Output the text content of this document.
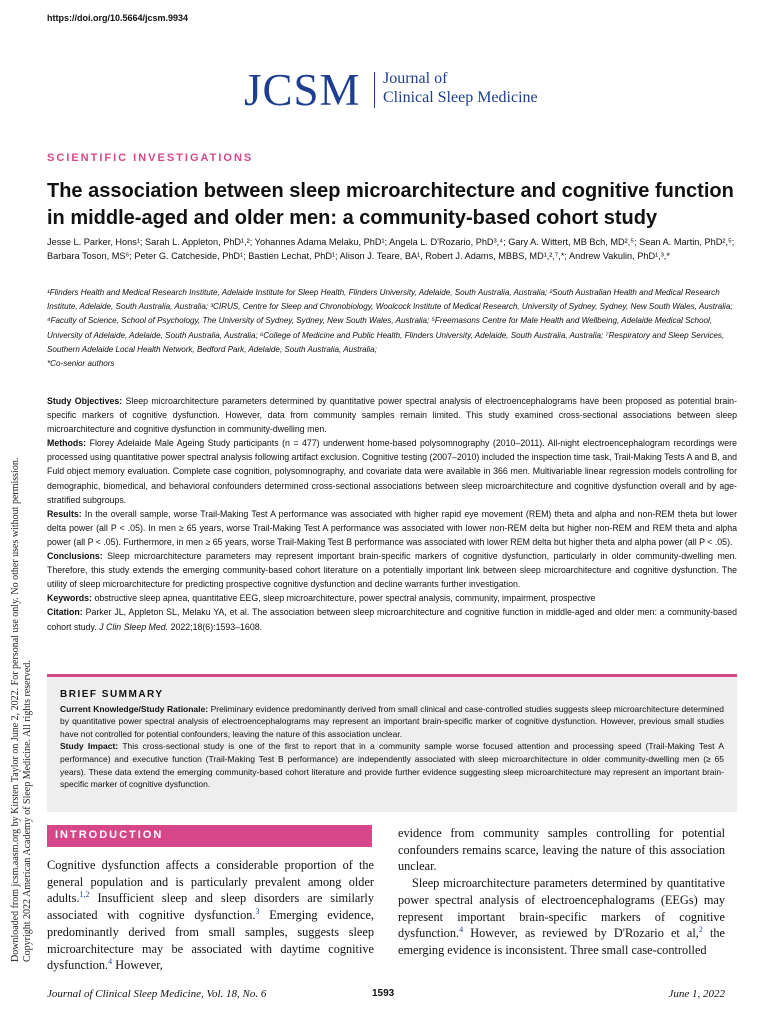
https://doi.org/10.5664/jcsm.9934
JCSM Journal of
Clinical Sleep Medicine
SCIENTIFIC INVESTIGATIONS
The association between sleep microarchitecture and cognitive function in middle-aged and older men: a community-based cohort study
Jesse L. Parker, Hons¹; Sarah L. Appleton, PhD¹,²; Yohannes Adama Melaku, PhD¹; Angela L. D'Rozario, PhD³,⁴; Gary A. Wittert, MB Bch, MD²,⁵; Sean A. Martin, PhD²,⁵; Barbara Toson, MS⁶; Peter G. Catcheside, PhD¹; Bastien Lechat, PhD¹; Alison J. Teare, BA¹, Robert J. Adams, MBBS, MD¹,²,⁷,*; Andrew Vakulin, PhD¹,³,*
¹Flinders Health and Medical Research Institute, Adelaide Institute for Sleep Health, Flinders University, Adelaide, South Australia, Australia; ²South Australian Health and Medical Research Institute, Adelaide, South Australia, Australia; ³CIRUS, Centre for Sleep and Chronobiology, Woolcock Institute of Medical Research, University of Sydney, Sydney, New South Wales, Australia; ⁴Faculty of Science, School of Psychology, The University of Sydney, Sydney, New South Wales, Australia; ⁵Freemasons Centre for Male Health and Wellbeing, Adelaide Medical School, University of Adelaide, Adelaide, South Australia, Australia; ⁶College of Medicine and Public Health, Flinders University, Adelaide, South Australia, Australia; ⁷Respiratory and Sleep Services, Southern Adelaide Local Health Network, Bedford Park, Adelaide, South Australia, Australia;
*Co-senior authors

Study Objectives: Sleep microarchitecture parameters determined by quantitative power spectral analysis of electroencephalograms have been proposed as potential brain-specific markers of cognitive dysfunction. However, data from community samples remain limited. This study examined cross-sectional associations between sleep microarchitecture and cognitive dysfunction in community-dwelling men.

Methods: Florey Adelaide Male Ageing Study participants (n = 477) underwent home-based polysomnography (2010–2011). All-night electroencephalogram recordings were processed using quantitative power spectral analysis following artifact exclusion. Cognitive testing (2007–2010) included the inspection time task, Trail-Making Tests A and B, and Fuld object memory evaluation. Complete case cognition, polysomnography, and covariate data were available in 366 men. Multivariable linear regression models controlling for demographic, biomedical, and behavioral confounders determined cross-sectional associations between sleep microarchitecture and cognitive dysfunction overall and by age-stratified subgroups.

Results: In the overall sample, worse Trail-Making Test A performance was associated with higher rapid eye movement (REM) theta and alpha and non-REM theta but lower delta power (all P < .05). In men ≥ 65 years, worse Trail-Making Test A performance was associated with lower non-REM delta but higher non-REM and REM theta and alpha power (all P < .05). Furthermore, in men ≥ 65 years, worse Trail-Making Test B performance was associated with lower REM delta but higher theta and alpha power (all P < .05).

Conclusions: Sleep microarchitecture parameters may represent important brain-specific markers of cognitive dysfunction, particularly in older community-dwelling men. Therefore, this study extends the emerging community-based cohort literature on a potentially important link between sleep microarchitecture and cognitive dysfunction. The utility of sleep microarchitecture for predicting prospective cognitive dysfunction and decline warrants further investigation.

Keywords: obstructive sleep apnea, quantitative EEG, sleep microarchitecture, power spectral analysis, community, impairment, prospective

Citation: Parker JL, Appleton SL, Melaku YA, et al. The association between sleep microarchitecture and cognitive function in middle-aged and older men: a community-based cohort study. J Clin Sleep Med. 2022;18(6):1593–1608.

BRIEF SUMMARY

Current Knowledge/Study Rationale: Preliminary evidence predominantly derived from small clinical and case-controlled studies suggests sleep microarchitecture determined by quantitative power spectral analysis of electroencephalograms may represent an important brain-specific marker of cognitive dysfunction. However, previous small studies have not controlled for potential confounders, leaving the nature of this association unclear.

Study Impact: This cross-sectional study is one of the first to report that in a community sample worse focused attention and processing speed (Trail-Making Test A performance) and executive function (Trail-Making Test B performance) are independently associated with sleep microarchitecture in older community-dwelling men (≥ 65 years). These data extend the emerging community-based cohort literature and provide further evidence suggesting sleep microarchitecture may represent an important brain-specific marker of cognitive dysfunction.

INTRODUCTION

Cognitive dysfunction affects a considerable proportion of the general population and is particularly prevalent among older adults.$^{1,2}$ Insufficient sleep and sleep disorders are similarly associated with cognitive dysfunction.$^3$ Emerging evidence, predominantly derived from small samples, suggests sleep microarchitecture may be associated with daytime cognitive dysfunction.$^4$ However,

evidence from community samples controlling for potential confounders remains scarce, leaving the nature of this association unclear.

Sleep microarchitecture parameters determined by quantitative power spectral analysis of electroencephalograms (EEGs) may represent important brain-specific markers of cognitive dysfunction.$^4$ However, as reviewed by D'Rozario et al,$^2$ the emerging evidence is inconsistent. Three small case-controlled

Journal of Clinical Sleep Medicine, Vol. 18, No. 6	1593	June 1, 2022
Downloaded from jcsm.aasm.org by Kirsten Taylor on June 2, 2022. For personal use only. No other uses without permission. Copyright 2022 American Academy of Sleep Medicine. All rights reserved.
